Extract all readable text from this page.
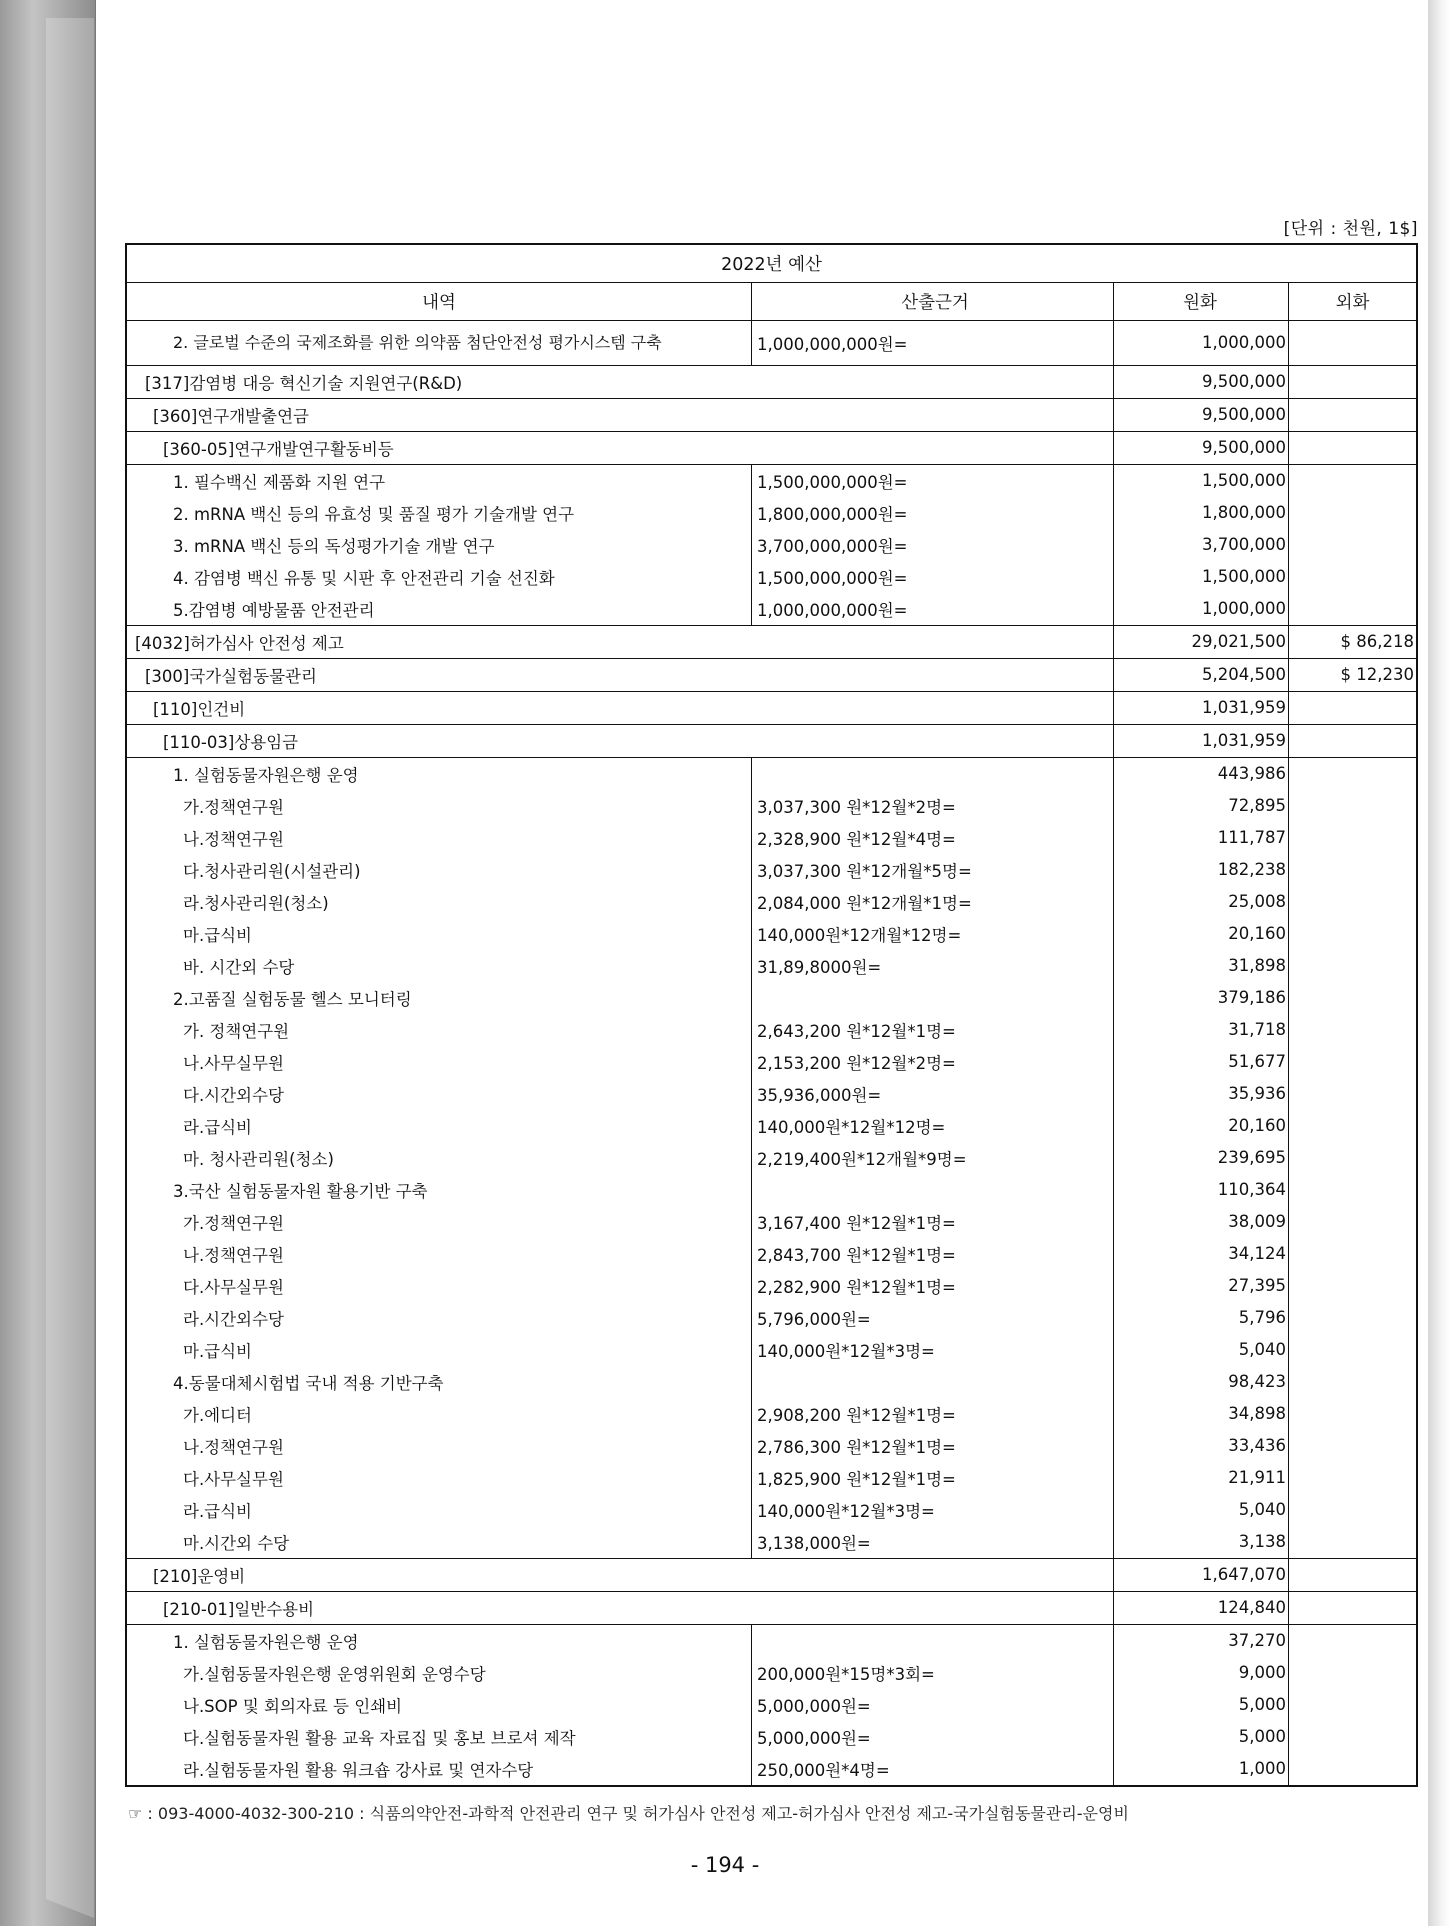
[단위 : 천원, 1$]
2022년 예산			
내역	산출근거	원화	외화
2. 글로벌 수준의 국제조화를 위한 의약품 첨단안전성 평가시스템 구축	1,000,000,000원=	1,000,000	
[317]감염병 대응 혁신기술 지원연구(R&D)		9,500,000	
[360]연구개발출연금		9,500,000	
[360-05]연구개발연구활동비등		9,500,000	
1. 필수백신 제품화 지원 연구	1,500,000,000원=	1,500,000	
2. mRNA 백신 등의 유효성 및 품질 평가 기술개발 연구	1,800,000,000원=	1,800,000	
3. mRNA 백신 등의 독성평가기술 개발 연구	3,700,000,000원=	3,700,000	
4. 감염병 백신 유통 및 시판 후 안전관리 기술 선진화	1,500,000,000원=	1,500,000	
5.감염병 예방물품 안전관리	1,000,000,000원=	1,000,000	
[4032]허가심사 안전성 제고		29,021,500	$ 86,218
[300]국가실험동물관리		5,204,500	$ 12,230
[110]인건비		1,031,959	
[110-03]상용임금		1,031,959	
1. 실험동물자원은행 운영		443,986	
가.정책연구원	3,037,300 원*12월*2명=	72,895	
나.정책연구원	2,328,900 원*12월*4명=	111,787	
다.청사관리원(시설관리)	3,037,300 원*12개월*5명=	182,238	
라.청사관리원(청소)	2,084,000 원*12개월*1명=	25,008	
마.급식비	140,000원*12개월*12명=	20,160	
바. 시간외 수당	31,89,8000원=	31,898	
2.고품질 실험동물 헬스 모니터링		379,186	
가. 정책연구원	2,643,200 원*12월*1명=	31,718	
나.사무실무원	2,153,200 원*12월*2명=	51,677	
다.시간외수당	35,936,000원=	35,936	
라.급식비	140,000원*12월*12명=	20,160	
마. 청사관리원(청소)	2,219,400원*12개월*9명=	239,695	
3.국산 실험동물자원 활용기반 구축		110,364	
가.정책연구원	3,167,400 원*12월*1명=	38,009	
나.정책연구원	2,843,700 원*12월*1명=	34,124	
다.사무실무원	2,282,900 원*12월*1명=	27,395	
라.시간외수당	5,796,000원=	5,796	
마.급식비	140,000원*12월*3명=	5,040	
4.동물대체시험법 국내 적용 기반구축		98,423	
가.에디터	2,908,200 원*12월*1명=	34,898	
나.정책연구원	2,786,300 원*12월*1명=	33,436	
다.사무실무원	1,825,900 원*12월*1명=	21,911	
라.급식비	140,000원*12월*3명=	5,040	
마.시간외 수당	3,138,000원=	3,138	
[210]운영비		1,647,070	
[210-01]일반수용비		124,840	
1. 실험동물자원은행 운영		37,270	
가.실험동물자원은행 운영위원회 운영수당	200,000원*15명*3회=	9,000	
나.SOP 및 회의자료 등 인쇄비	5,000,000원=	5,000	
다.실험동물자원 활용 교육 자료집 및 홍보 브로셔 제작	5,000,000원=	5,000	
라.실험동물자원 활용 워크숍 강사료 및 연자수당	250,000원*4명=	1,000	
☞ : 093-4000-4032-300-210 : 식품의약안전-과학적 안전관리 연구 및 허가심사 안전성 제고-허가심사 안전성 제고-국가실험동물관리-운영비
- 194 -
